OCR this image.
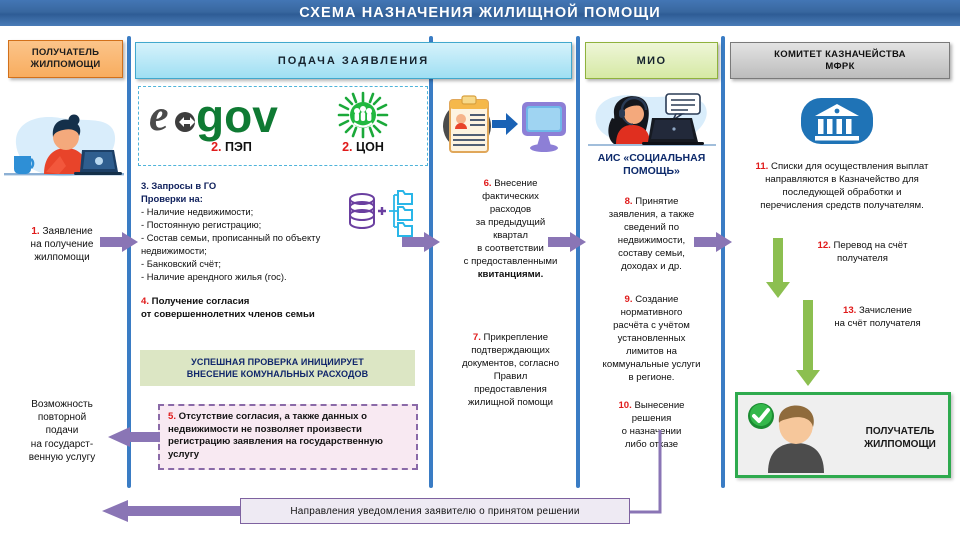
СХЕМА НАЗНАЧЕНИЯ ЖИЛИЩНОЙ ПОМОЩИ
ПОЛУЧАТЕЛЬ
ЖИЛПОМОЩИ	ПОДАЧА ЗАЯВЛЕНИЯ	МИО
КОМИТЕТ КАЗНАЧЕЙСТВА
МФРК
1. Заявление
на получение
жилпомощи
Возможность
повторной
подачи
на государст-
венную услугу
e gov
2. ПЭП	2. ЦОН
3. Запросы в ГО
Проверки на:
- Наличие недвижимости;
- Постоянную регистрацию;
- Состав семьи, прописанный по объекту
недвижимости;
- Банковский счёт;
- Наличие арендного жилья (гос).
4. Получение согласия
от совершеннолетних членов семьи
УСПЕШНАЯ ПРОВЕРКА ИНИЦИИРУЕТ
ВНЕСЕНИЕ КОМУНАЛЬНЫХ РАСХОДОВ
5. Отсутствие согласия, а также данных о недвижимости не позволяет произвести регистрацию заявления на государственную услугу
6. Внесение
фактических
расходов
за предыдущий
квартал
в соответствии
с предоставленными
квитанциями.
7. Прикрепление
подтверждающих
документов, согласно
Правил
предоставления
жилищной помощи
АИС «СОЦИАЛЬНАЯ
ПОМОЩЬ»
8. Принятие
заявления, а также
сведений по
недвижимости,
составу семьи,
доходах и др.
9. Создание
нормативного
расчёта с учётом
установленных
лимитов на
коммунальные услуги
в регионе.
10. Вынесение
решения
о назначении
либо отказе
11. Списки для осуществления выплат
направляются в Казначейство для
последующей обработки и
перечисления средств получателям.
12. Перевод на счёт
получателя
13. Зачисление
на счёт получателя
ПОЛУЧАТЕЛЬ
ЖИЛПОМОЩИ
Направления уведомления заявителю о принятом решении
